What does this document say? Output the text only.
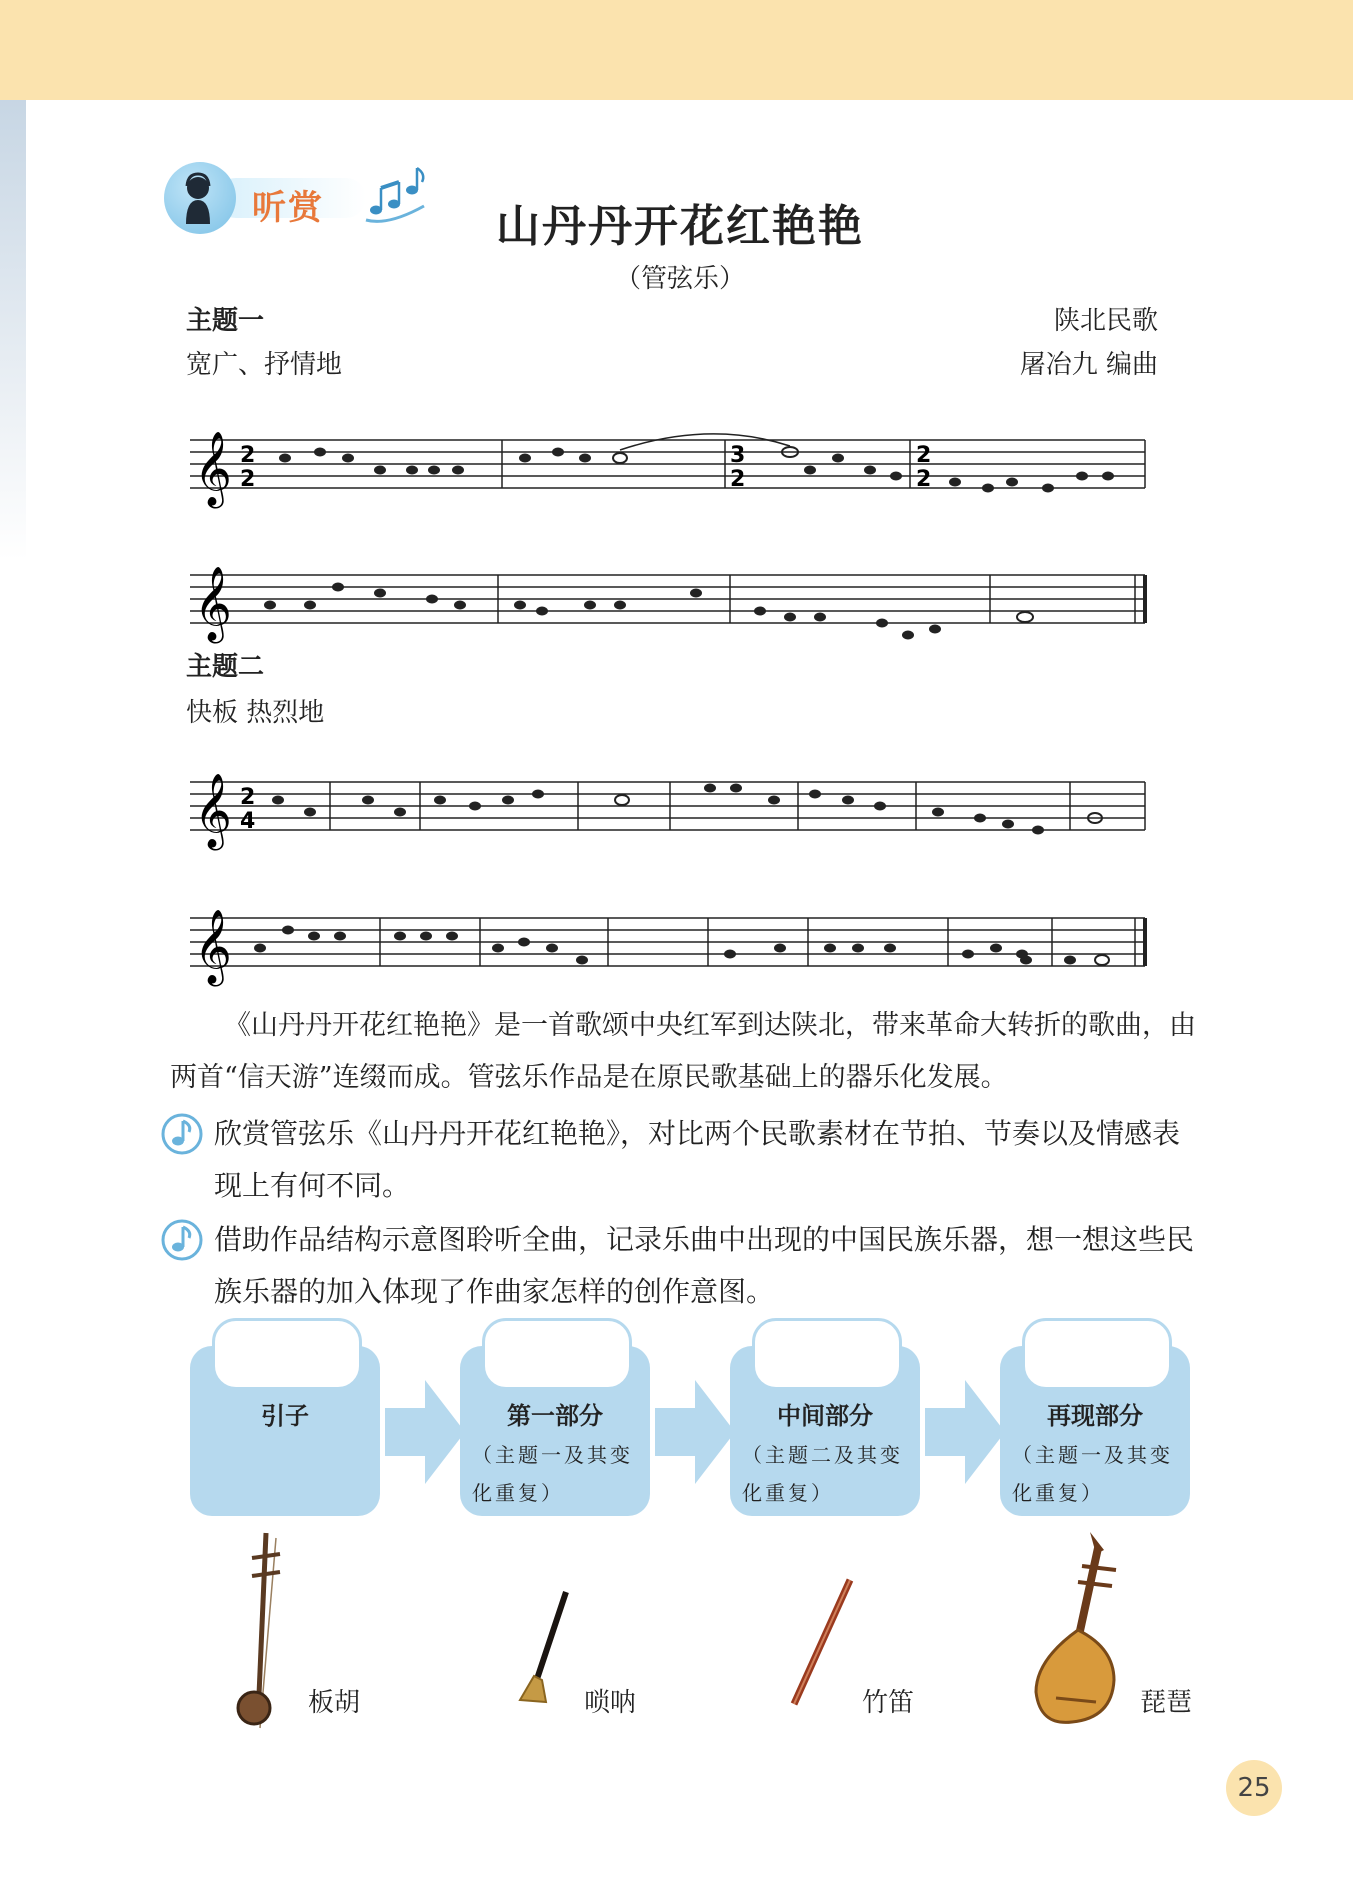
听赏	山丹丹开花红艳艳
（管弦乐）
主题一
宽广、抒情地
陕北民歌
屠冶九 编曲
𝄞 2
2
3
2
2
2
𝄞
主题二
快板 热烈地
𝄞 2
4
𝄞
《山丹丹开花红艳艳》是一首歌颂中央红军到达陕北，带来革命大转折的歌曲，由两首“信天游”连缀而成。管弦乐作品是在原民歌基础上的器乐化发展。
欣赏管弦乐《山丹丹开花红艳艳》，对比两个民歌素材在节拍、节奏以及情感表现上有何不同。
借助作品结构示意图聆听全曲，记录乐曲中出现的中国民族乐器，想一想这些民族乐器的加入体现了作曲家怎样的创作意图。
引子	第一部分
（主题一及其变化重复）
中间部分
（主题二及其变化重复）
再现部分
（主题一及其变化重复）
板胡	唢呐	竹笛	琵琶
25
